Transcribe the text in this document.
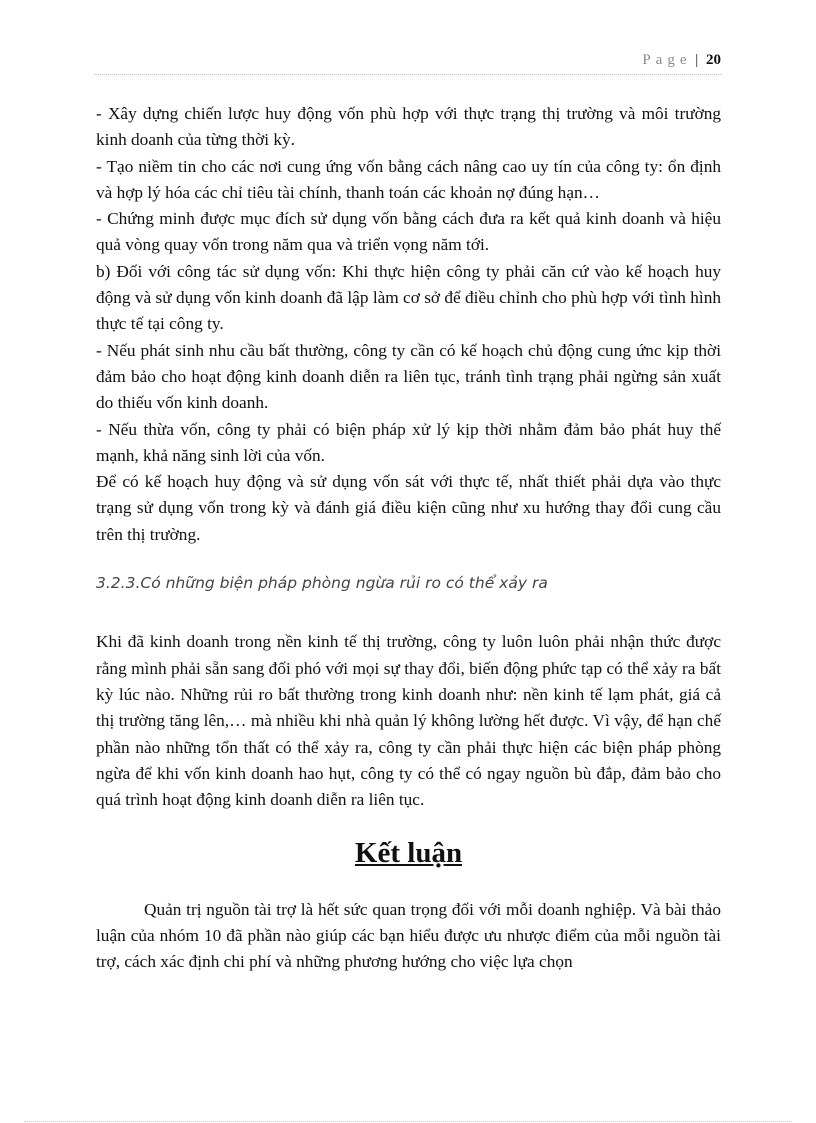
Page | 20

- Xây dựng chiến lược huy động vốn phù hợp với thực trạng thị trường và môi trường kinh doanh của từng thời kỳ.

- Tạo niềm tin cho các nơi cung ứng vốn bằng cách nâng cao uy tín của công ty: ổn định và hợp lý hóa các chỉ tiêu tài chính, thanh toán các khoản nợ đúng hạn…

- Chứng minh được mục đích sử dụng vốn bằng cách đưa ra kết quả kinh doanh và hiệu quả vòng quay vốn trong năm qua và triển vọng năm tới.

b) Đối với công tác sử dụng vốn: Khi thực hiện công ty phải căn cứ vào kế hoạch huy động và sử dụng vốn kinh doanh đã lập làm cơ sở để điều chỉnh cho phù hợp với tình hình thực tế tại công ty.

- Nếu phát sinh nhu cầu bất thường, công ty cần có kế hoạch chủ động cung ứnc kịp thời đảm bảo cho hoạt động kinh doanh diễn ra liên tục, tránh tình trạng phải ngừng sản xuất do thiếu vốn kinh doanh.

- Nếu thừa vốn, công ty phải có biện pháp xử lý kịp thời nhằm đảm bảo phát huy thế mạnh, khả năng sinh lời của vốn.

Để có kế hoạch huy động và sử dụng vốn sát với thực tế, nhất thiết phải dựa vào thực trạng sử dụng vốn trong kỳ và đánh giá điều kiện cũng như xu hướng thay đổi cung cầu trên thị trường.

3.2.3.Có những biện pháp phòng ngừa rủi ro có thể xảy ra

Khi đã kinh doanh trong nền kinh tế thị trường, công ty luôn luôn phải nhận thức được rằng mình phải sẵn sang đối phó với mọi sự thay đổi, biến động phức tạp có thể xảy ra bất kỳ lúc nào. Những rủi ro bất thường trong kinh doanh như: nền kinh tế lạm phát, giá cả thị trường tăng lên,… mà nhiều khi nhà quản lý không lường hết được. Vì vậy, để hạn chế phần nào những tổn thất có thể xảy ra, công ty cần phải thực hiện các biện pháp phòng ngừa để khi vốn kinh doanh hao hụt, công ty có thể có ngay nguồn bù đắp, đảm bảo cho quá trình hoạt động kinh doanh diễn ra liên tục.

Kết luận

Quản trị nguồn tài trợ là hết sức quan trọng đối với mỗi doanh nghiệp. Và bài thảo luận của nhóm 10 đã phần nào giúp các bạn hiểu được ưu nhược điểm của mỗi nguồn tài trợ, cách xác định chi phí và những phương hướng cho việc lựa chọn
